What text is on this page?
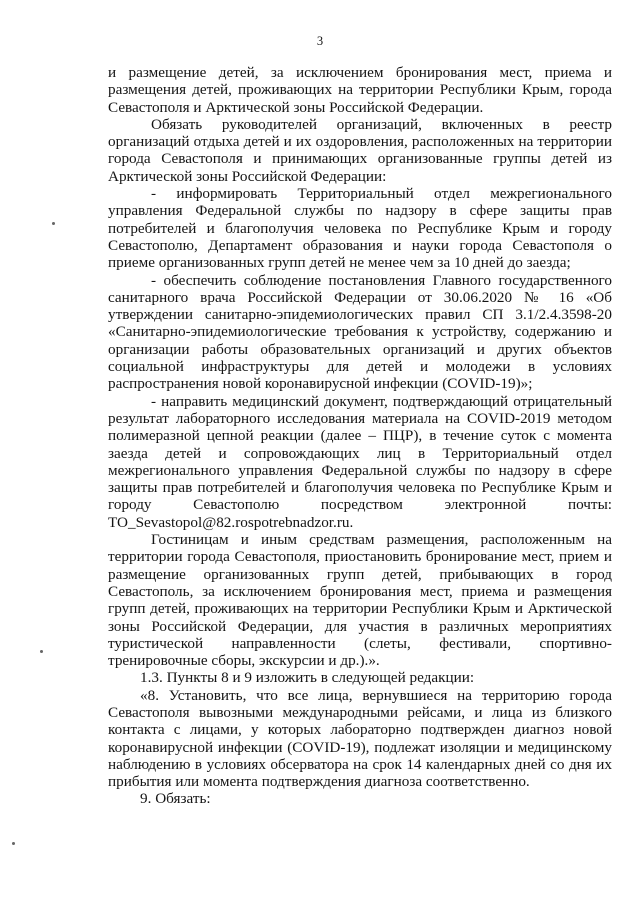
3

и размещение детей, за исключением бронирования мест, приема и размещения детей, проживающих на территории Республики Крым, города Севастополя и Арктической зоны Российской Федерации.

Обязать руководителей организаций, включенных в реестр организаций отдыха детей и их оздоровления, расположенных на территории города Севастополя и принимающих организованные группы детей из Арктической зоны Российской Федерации:

- информировать Территориальный отдел межрегионального управления Федеральной службы по надзору в сфере защиты прав потребителей и благополучия человека по Республике Крым и городу Севастополю, Департамент образования и науки города Севастополя о приеме организованных групп детей не менее чем за 10 дней до заезда;

- обеспечить соблюдение постановления Главного государственного санитарного врача Российской Федерации от 30.06.2020 № 16 «Об утверждении санитарно-эпидемиологических правил СП 3.1/2.4.3598-20 «Санитарно-эпидемиологические требования к устройству, содержанию и организации работы образовательных организаций и других объектов социальной инфраструктуры для детей и молодежи в условиях распространения новой коронавирусной инфекции (COVID-19)»;

- направить медицинский документ, подтверждающий отрицательный результат лабораторного исследования материала на COVID-2019 методом полимеразной цепной реакции (далее – ПЦР), в течение суток с момента заезда детей и сопровождающих лиц в Территориальный отдел межрегионального управления Федеральной службы по надзору в сфере защиты прав потребителей и благополучия человека по Республике Крым и городу Севастополю посредством электронной почты: TO_Sevastopol@82.rospotrebnadzor.ru.

Гостиницам и иным средствам размещения, расположенным на территории города Севастополя, приостановить бронирование мест, прием и размещение организованных групп детей, прибывающих в город Севастополь, за исключением бронирования мест, приема и размещения групп детей, проживающих на территории Республики Крым и Арктической зоны Российской Федерации, для участия в различных мероприятиях туристической направленности (слеты, фестивали, спортивно-тренировочные сборы, экскурсии и др.).».

1.3. Пункты 8 и 9 изложить в следующей редакции:

«8. Установить, что все лица, вернувшиеся на территорию города Севастополя вывозными международными рейсами, и лица из близкого контакта с лицами, у которых лабораторно подтвержден диагноз новой коронавирусной инфекции (COVID-19), подлежат изоляции и медицинскому наблюдению в условиях обсерватора на срок 14 календарных дней со дня их прибытия или момента подтверждения диагноза соответственно.

9. Обязать:
